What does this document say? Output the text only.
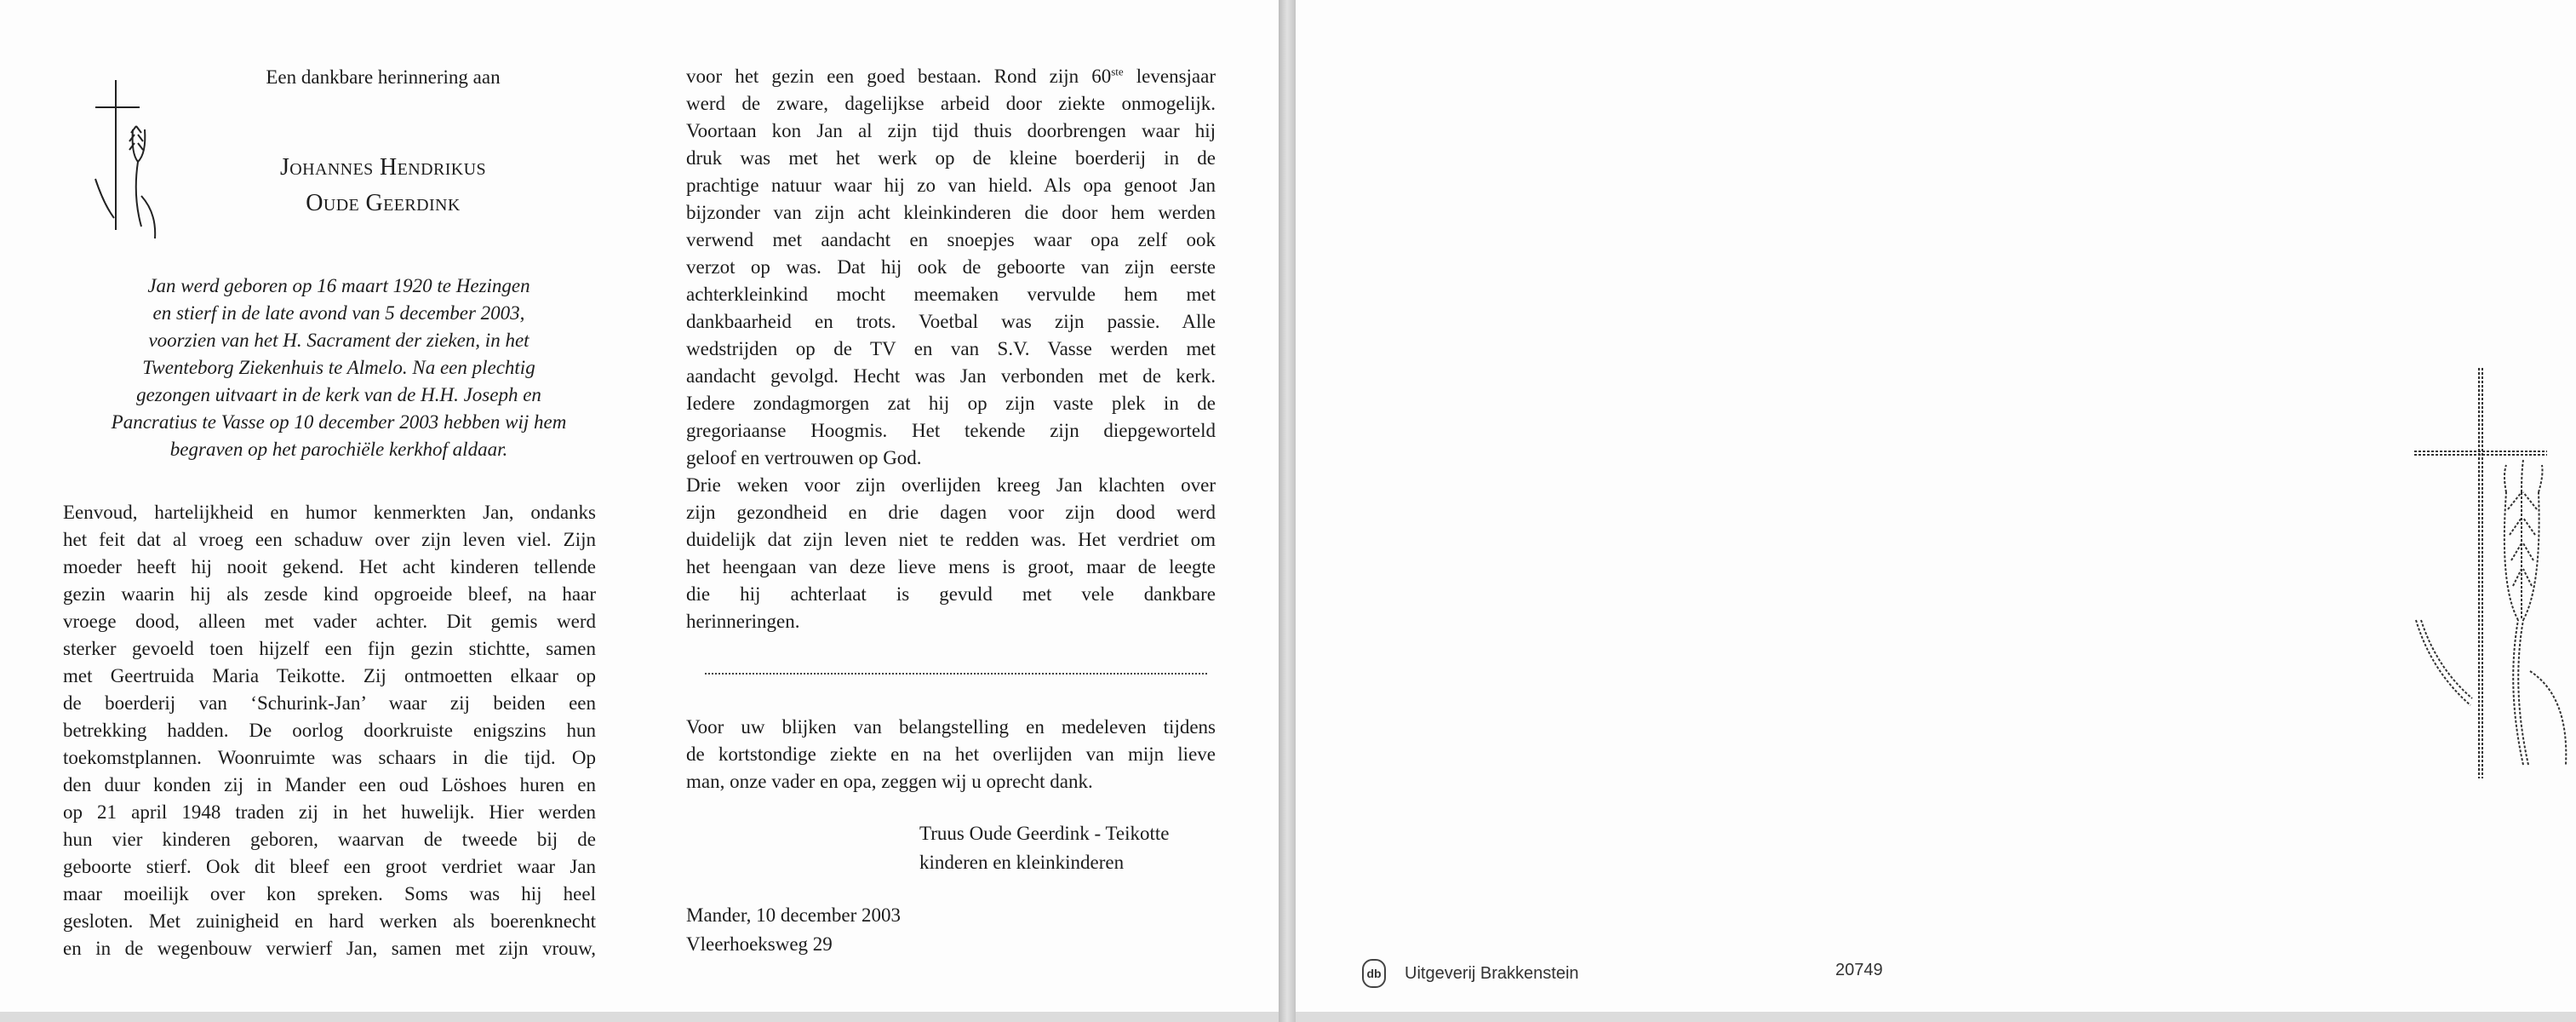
Een dankbare herinnering aan
Johannes Hendrikus
Oude Geerdink
Jan werd geboren op 16 maart 1920 te Hezingen
en stierf in de late avond van 5 december 2003,
voorzien van het H. Sacrament der zieken, in het
Twenteborg Ziekenhuis te Almelo. Na een plechtig
gezongen uitvaart in de kerk van de H.H. Joseph en
Pancratius te Vasse op 10 december 2003 hebben wij hem
begraven op het parochiële kerkhof aldaar.
Eenvoud, hartelijkheid en humor kenmerkten Jan, ondanks
het feit dat al vroeg een schaduw over zijn leven viel. Zijn
moeder heeft hij nooit gekend. Het acht kinderen tellende
gezin waarin hij als zesde kind opgroeide bleef, na haar
vroege dood, alleen met vader achter. Dit gemis werd
sterker gevoeld toen hijzelf een fijn gezin stichtte, samen
met Geertruida Maria Teikotte. Zij ontmoetten elkaar op
de boerderij van ‘Schurink-Jan’ waar zij beiden een
betrekking hadden. De oorlog doorkruiste enigszins hun
toekomstplannen. Woonruimte was schaars in die tijd. Op
den duur konden zij in Mander een oud Löshoes huren en
op 21 april 1948 traden zij in het huwelijk. Hier werden
hun vier kinderen geboren, waarvan de tweede bij de
geboorte stierf. Ook dit bleef een groot verdriet waar Jan
maar moeilijk over kon spreken. Soms was hij heel
gesloten. Met zuinigheid en hard werken als boerenknecht
en in de wegenbouw verwierf Jan, samen met zijn vrouw,
voor het gezin een goed bestaan. Rond zijn 60ste levensjaar
werd de zware, dagelijkse arbeid door ziekte onmogelijk.
Voortaan kon Jan al zijn tijd thuis doorbrengen waar hij
druk was met het werk op de kleine boerderij in de
prachtige natuur waar hij zo van hield. Als opa genoot Jan
bijzonder van zijn acht kleinkinderen die door hem werden
verwend met aandacht en snoepjes waar opa zelf ook
verzot op was. Dat hij ook de geboorte van zijn eerste
achterkleinkind mocht meemaken vervulde hem met
dankbaarheid en trots. Voetbal was zijn passie. Alle
wedstrijden op de TV en van S.V. Vasse werden met
aandacht gevolgd. Hecht was Jan verbonden met de kerk.
Iedere zondagmorgen zat hij op zijn vaste plek in de
gregoriaanse Hoogmis. Het tekende zijn diepgeworteld
geloof en vertrouwen op God.
Drie weken voor zijn overlijden kreeg Jan klachten over
zijn gezondheid en drie dagen voor zijn dood werd
duidelijk dat zijn leven niet te redden was. Het verdriet om
het heengaan van deze lieve mens is groot, maar de leegte
die hij achterlaat is gevuld met vele dankbare
herinneringen.
Voor uw blijken van belangstelling en medeleven tijdens
de kortstondige ziekte en na het overlijden van mijn lieve
man, onze vader en opa, zeggen wij u oprecht dank.
Truus Oude Geerdink - Teikotte
kinderen en kleinkinderen
Mander, 10 december 2003
Vleerhoeksweg 29
db Uitgeverij Brakkenstein	20749
